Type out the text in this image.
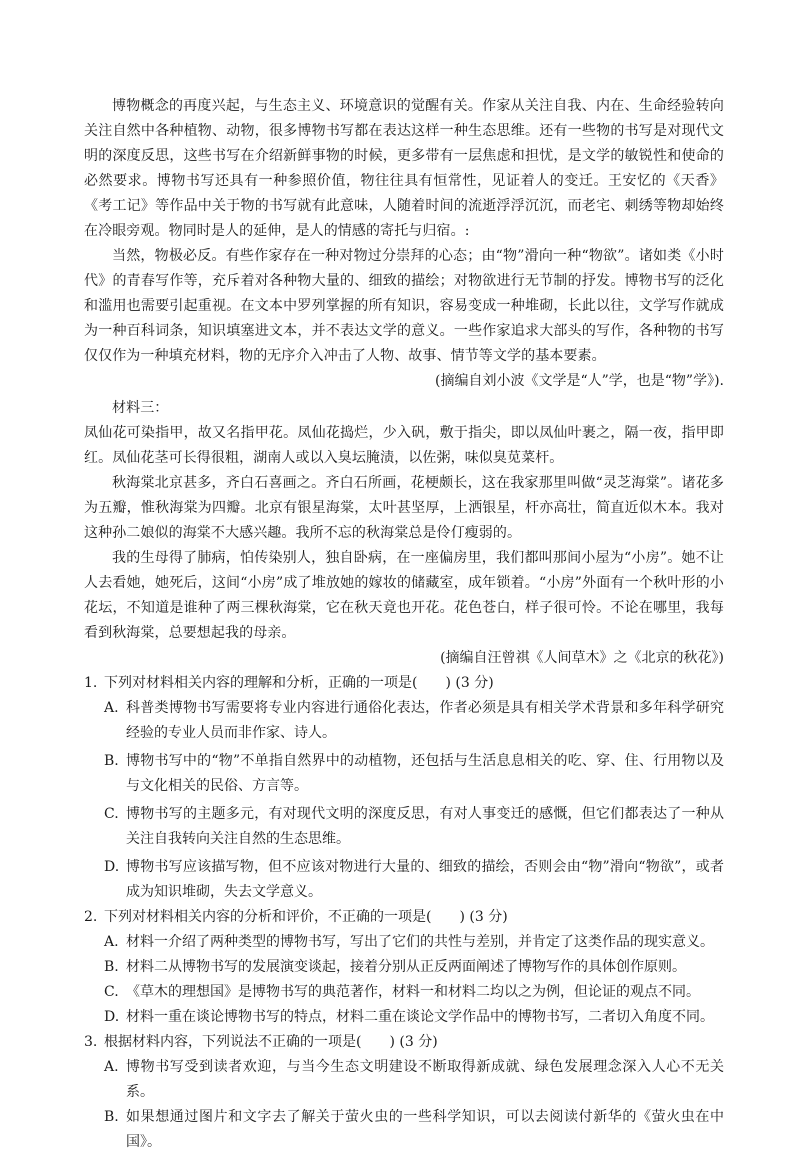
博物概念的再度兴起，与生态主义、环境意识的觉醒有关。作家从关注自我、内在、生命经验转向关注自然中各种植物、动物，很多博物书写都在表达这样一种生态思维。还有一些物的书写是对现代文明的深度反思，这些书写在介绍新鲜事物的时候，更多带有一层焦虑和担忧，是文学的敏锐性和使命的必然要求。博物书写还具有一种参照价值，物往往具有恒常性，见证着人的变迁。王安忆的《天香》《考工记》等作品中关于物的书写就有此意味，人随着时间的流逝浮浮沉沉，而老宅、刺绣等物却始终在冷眼旁观。物同时是人的延伸，是人的情感的寄托与归宿。:

当然，物极必反。有些作家存在一种对物过分崇拜的心态；由“物”滑向一种“物欲”。诸如类《小时代》的青春写作等，充斥着对各种物大量的、细致的描绘；对物欲进行无节制的抒发。博物书写的泛化和滥用也需要引起重视。在文本中罗列掌握的所有知识，容易变成一种堆砌，长此以往，文学写作就成为一种百科词条，知识填塞进文本，并不表达文学的意义。一些作家追求大部头的写作，各种物的书写仅仅作为一种填充材料，物的无序介入冲击了人物、故事、情节等文学的基本要素。

(摘编自刘小波《文学是“人”学，也是“物”学》).

材料三：

凤仙花可染指甲，故又名指甲花。凤仙花捣烂，少入矾，敷于指尖，即以凤仙叶裹之，隔一夜，指甲即红。凤仙花茎可长得很粗，湖南人或以入臭坛腌渍，以佐粥，味似臭苋菜杆。

秋海棠北京甚多，齐白石喜画之。齐白石所画，花梗颇长，这在我家那里叫做“灵芝海棠”。诸花多为五瓣，惟秋海棠为四瓣。北京有银星海棠，太叶甚坚厚，上洒银星，杆亦高壮，简直近似木本。我对这种孙二娘似的海棠不大感兴趣。我所不忘的秋海棠总是伶仃瘦弱的。

我的生母得了肺病，怕传染别人，独自卧病，在一座偏房里，我们都叫那间小屋为“小房”。她不让人去看她，她死后，这间“小房”成了堆放她的嫁妆的储藏室，成年锁着。“小房”外面有一个秋叶形的小花坛，不知道是谁种了两三棵秋海棠，它在秋天竟也开花。花色苍白，样子很可怜。不论在哪里，我每看到秋海棠，总要想起我的母亲。

(摘编自汪曾祺《人间草木》之《北京的秋花》)

1. 下列对材料相关内容的理解和分析，正确的一项是(　　) (3 分)

A. 科普类博物书写需要将专业内容进行通俗化表达，作者必须是具有相关学术背景和多年科学研究经验的专业人员而非作家、诗人。

B. 博物书写中的“物”不单指自然界中的动植物，还包括与生活息息相关的吃、穿、住、行用物以及与文化相关的民俗、方言等。

C. 博物书写的主题多元，有对现代文明的深度反思，有对人事变迁的感慨，但它们都表达了一种从关注自我转向关注自然的生态思维。

D. 博物书写应该描写物，但不应该对物进行大量的、细致的描绘，否则会由“物”滑向“物欲”，或者成为知识堆砌，失去文学意义。

2. 下列对材料相关内容的分析和评价，不正确的一项是(　　) (3 分)

A. 材料一介绍了两种类型的博物书写，写出了它们的共性与差别，并肯定了这类作品的现实意义。

B. 材料二从博物书写的发展演变谈起，接着分别从正反两面阐述了博物写作的具体创作原则。

C. 《草木的理想国》是博物书写的典范著作，材料一和材料二均以之为例，但论证的观点不同。

D. 材料一重在谈论博物书写的特点，材料二重在谈论文学作品中的博物书写，二者切入角度不同。

3. 根据材料内容，下列说法不正确的一项是(　　) (3 分)

A. 博物书写受到读者欢迎，与当今生态文明建设不断取得新成就、绿色发展理念深入人心不无关系。

B. 如果想通过图片和文字去了解关于萤火虫的一些科学知识，可以去阅读付新华的《萤火虫在中国》。
